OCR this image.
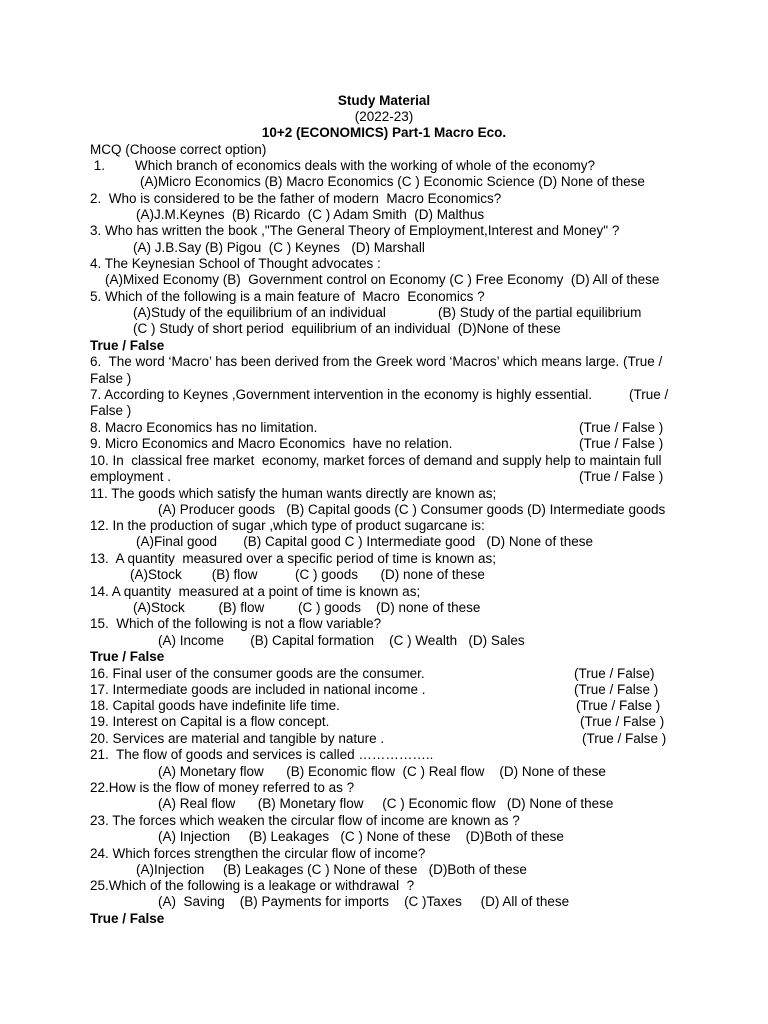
Study Material
(2022-23)
10+2 (ECONOMICS) Part-1 Macro Eco.
MCQ (Choose correct option)
1.        Which branch of economics deals with the working of whole of the economy?
(A)Micro Economics (B) Macro Economics (C ) Economic Science (D) None of these
2.  Who is considered to be the father of modern  Macro Economics?
(A)J.M.Keynes  (B) Ricardo  (C ) Adam Smith  (D) Malthus
3. Who has written the book ,"The General Theory of Employment,Interest and Money" ?
(A) J.B.Say (B) Pigou  (C ) Keynes   (D) Marshall
4. The Keynesian School of Thought advocates :
(A)Mixed Economy (B)  Government control on Economy (C ) Free Economy  (D) All of these
5. Which of the following is a main feature of  Macro  Economics ?
(A)Study of the equilibrium of an individual	(B) Study of the partial equilibrium
(C ) Study of short period  equilibrium of an individual  (D)None of these
True / False
6.  The word ‘Macro’ has been derived from the Greek word ‘Macros’ which means large. (True /
False )
7. According to Keynes ,Government intervention in the economy is highly essential.	(True /
False )
8. Macro Economics has no limitation.	(True / False )
9. Micro Economics and Macro Economics  have no relation.	(True / False )
10. In  classical free market  economy, market forces of demand and supply help to maintain full
employment .	(True / False )
11. The goods which satisfy the human wants directly are known as;
(A) Producer goods   (B) Capital goods (C ) Consumer goods (D) Intermediate goods
12. In the production of sugar ,which type of product sugarcane is:
(A)Final good       (B) Capital good C ) Intermediate good   (D) None of these
13.  A quantity  measured over a specific period of time is known as;
(A)Stock        (B) flow          (C ) goods      (D) none of these
14. A quantity  measured at a point of time is known as;
(A)Stock         (B) flow         (C ) goods    (D) none of these
15.  Which of the following is not a flow variable?
(A) Income       (B) Capital formation    (C ) Wealth   (D) Sales
True / False
16. Final user of the consumer goods are the consumer.	(True / False)
17. Intermediate goods are included in national income .	(True / False )
18. Capital goods have indefinite life time.	(True / False )
19. Interest on Capital is a flow concept.	(True / False )
20. Services are material and tangible by nature .	(True / False )
21.  The flow of goods and services is called ……………..
(A) Monetary flow      (B) Economic flow  (C ) Real flow    (D) None of these
22.How is the flow of money referred to as ?
(A) Real flow      (B) Monetary flow     (C ) Economic flow   (D) None of these
23. The forces which weaken the circular flow of income are known as ?
(A) Injection     (B) Leakages   (C ) None of these    (D)Both of these
24. Which forces strengthen the circular flow of income?
(A)Injection     (B) Leakages (C ) None of these   (D)Both of these
25.Which of the following is a leakage or withdrawal  ?
(A)  Saving    (B) Payments for imports    (C )Taxes     (D) All of these
True / False
